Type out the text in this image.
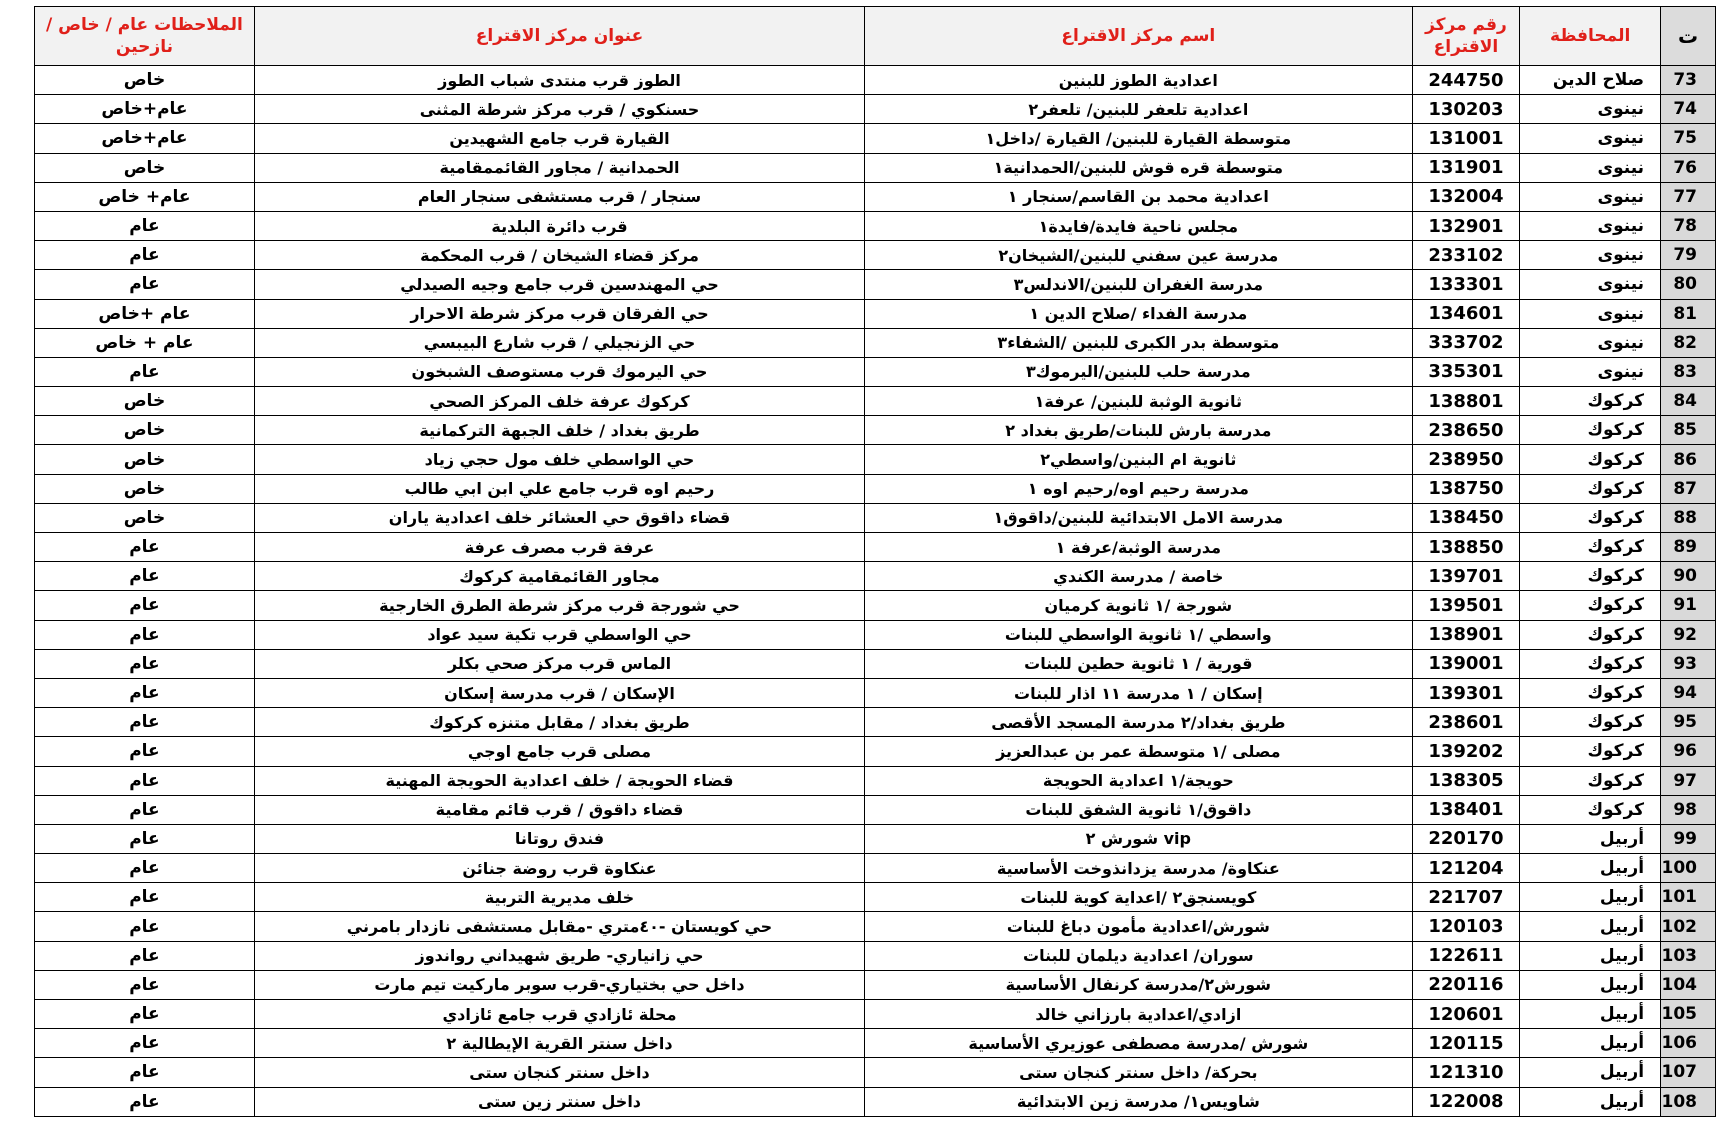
ت	المحافظة	رقم مركز الاقتراع	اسم مركز الاقتراع	عنوان مركز الاقتراع	الملاحظات عام / خاص / نازحين
73	صلاح الدين	244750	اعدادية الطوز للبنين	الطوز قرب منتدى شباب الطوز	خاص
74	نينوى	130203	اعدادية تلعفر للبنين/ تلعفر٢	حسنكوي / قرب مركز شرطة المثنى	عام+خاص
75	نينوى	131001	متوسطة القيارة للبنين/ القيارة /داخل١	القيارة قرب جامع الشهيدين	عام+خاص
76	نينوى	131901	متوسطة قره قوش للبنين/الحمدانية١	الحمدانية / مجاور القائممقامية	خاص
77	نينوى	132004	اعدادية محمد بن القاسم/سنجار ١	سنجار / قرب مستشفى سنجار العام	عام+ خاص
78	نينوى	132901	مجلس ناحية فايدة/فايدة١	قرب دائرة البلدية	عام
79	نينوى	233102	مدرسة عين سفني للبنين/الشيخان٢	مركز قضاء الشيخان / قرب المحكمة	عام
80	نينوى	133301	مدرسة الغفران للبنين/الاندلس٣	حي المهندسين قرب جامع وجيه الصيدلي	عام
81	نينوى	134601	مدرسة الفداء /صلاح الدين ١	حي الفرقان قرب مركز شرطة الاحرار	عام +خاص
82	نينوى	333702	متوسطة بدر الكبرى للبنين /الشفاء٣	حي الزنجيلي / قرب شارع البيبسي	عام + خاص
83	نينوى	335301	مدرسة حلب للبنين/اليرموك٣	حي اليرموك قرب مستوصف الشبخون	عام
84	كركوك	138801	ثانوية الوثبة للبنين/ عرفة١	كركوك عرفة خلف المركز الصحي	خاص
85	كركوك	238650	مدرسة بارش للبنات/طريق بغداد ٢	طريق بغداد / خلف الجبهة التركمانية	خاص
86	كركوك	238950	ثانوية ام البنين/واسطي٢	حي الواسطي خلف مول حجي زياد	خاص
87	كركوك	138750	مدرسة رحيم اوه/رحيم اوه ١	رحيم اوه قرب جامع علي ابن ابي طالب	خاص
88	كركوك	138450	مدرسة الامل الابتدائية للبنين/داقوق١	قضاء داقوق حي العشائر خلف اعدادية ياران	خاص
89	كركوك	138850	مدرسة الوثبة/عرفة ١	عرفة قرب مصرف عرفة	عام
90	كركوك	139701	خاصة / مدرسة الكندي	مجاور القائمقامية كركوك	عام
91	كركوك	139501	شورجة /١ ثانوية كرميان	حي شورجة قرب مركز شرطة الطرق الخارجية	عام
92	كركوك	138901	واسطي /١ ثانوية الواسطي للبنات	حي الواسطي قرب تكية سيد عواد	عام
93	كركوك	139001	قورية / ١ ثانوية حطين للبنات	الماس قرب مركز صحي بكلر	عام
94	كركوك	139301	إسكان / ١ مدرسة ١١ اذار للبنات	الإسكان / قرب مدرسة إسكان	عام
95	كركوك	238601	طريق بغداد/٢ مدرسة المسجد الأقصى	طريق بغداد / مقابل متنزه كركوك	عام
96	كركوك	139202	مصلى /١ متوسطة عمر بن عبدالعزيز	مصلى قرب جامع اوجي	عام
97	كركوك	138305	حويجة/١ اعدادية الحويجة	قضاء الحويجة / خلف اعدادية الحويجة المهنية	عام
98	كركوك	138401	داقوق/١ ثانوية الشفق للبنات	قضاء داقوق / قرب قائم مقامية	عام
99	أربيل	220170	vip شورش ٢	فندق روتانا	عام
100	أربيل	121204	عنكاوة/ مدرسة يزدانذوخت الأساسية	عنكاوة قرب روضة جنائن	عام
101	أربيل	221707	كويسنجق٢ /اعداية كوية للبنات	خلف مديرية التربية	عام
102	أربيل	120103	شورش/اعدادية مأمون دباغ للبنات	حي كويستان -٤٠متري -مقابل مستشفى نازدار بامرني	عام
103	أربيل	122611	سوران/ اعدادية ديلمان للبنات	حي زانياري- طريق شهيداني رواندوز	عام
104	أربيل	220116	شورش٢/مدرسة كرنفال الأساسية	داخل حي بختياري-قرب سوبر ماركيت تيم مارت	عام
105	أربيل	120601	ازادي/اعدادية بارزاني خالد	محلة ئازادي قرب جامع ئازادي	عام
106	أربيل	120115	شورش /مدرسة مصطفى عوزيري الأساسية	داخل سنتر القرية الإيطالية ٢	عام
107	أربيل	121310	بحركة/ داخل سنتر كنجان ستى	داخل سنتر كنجان ستى	عام
108	أربيل	122008	شاويس١/ مدرسة زين الابتدائية	داخل سنتر زين ستى	عام
